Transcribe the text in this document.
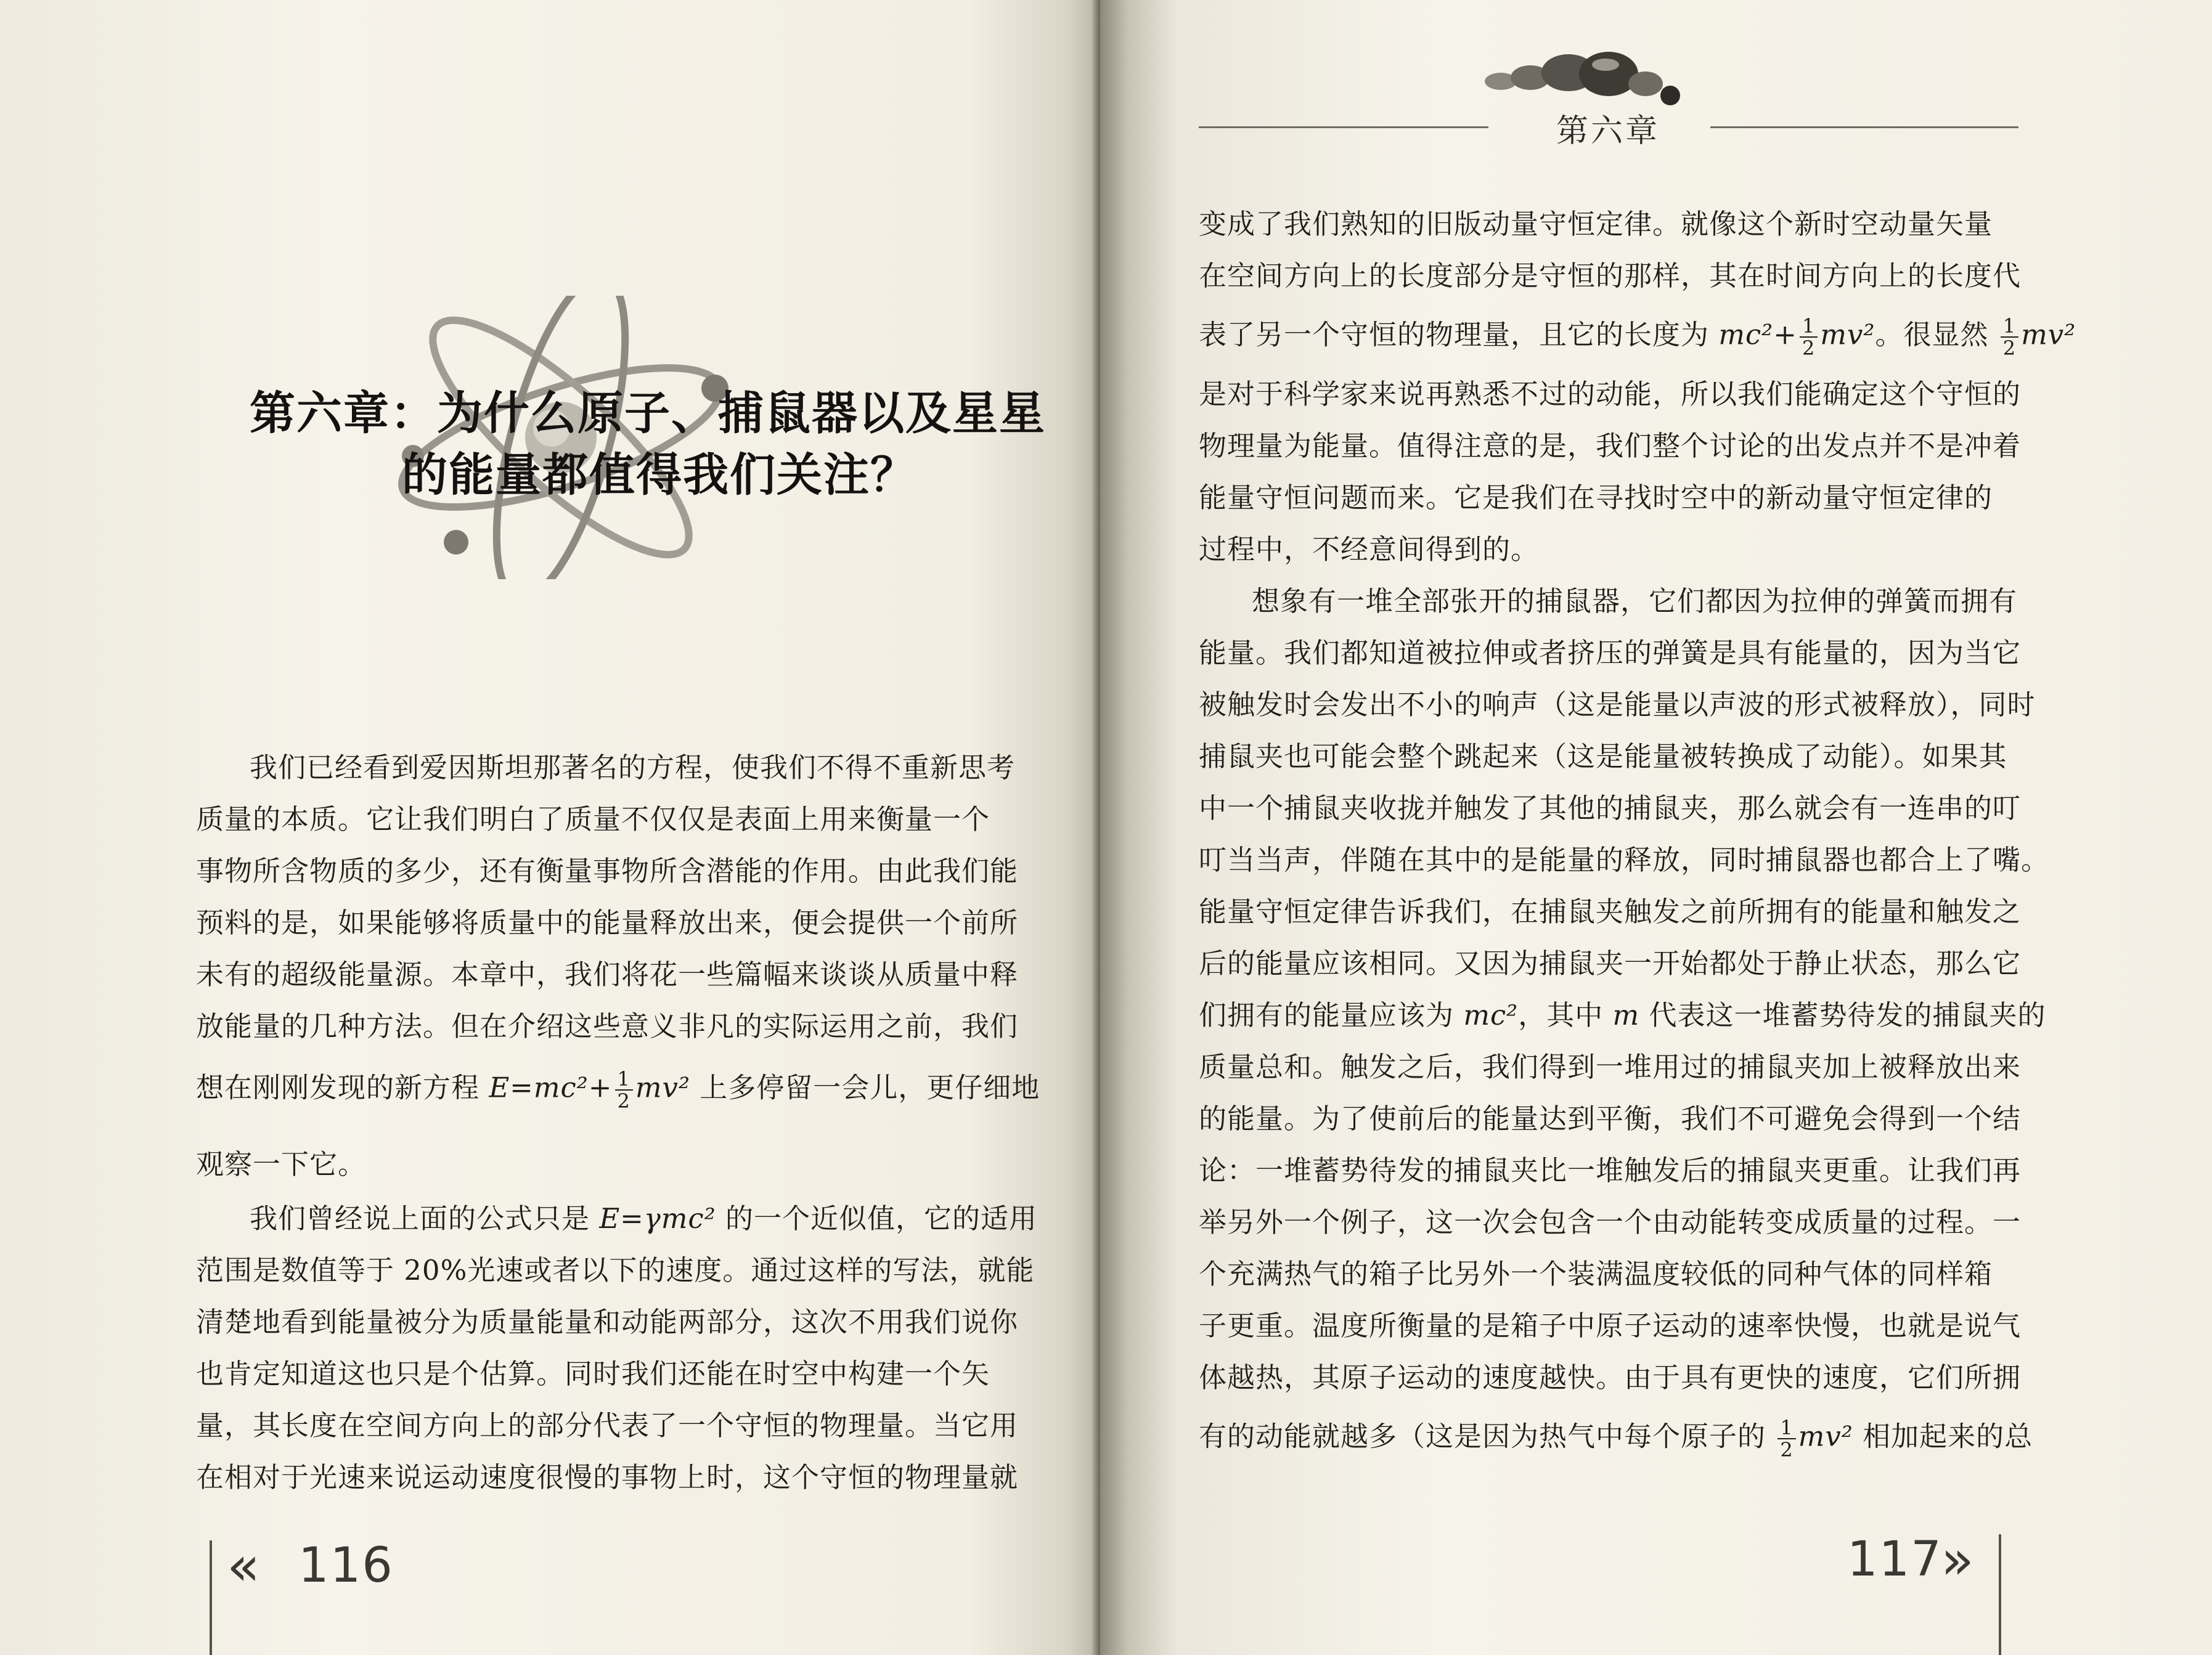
第六章：为什么原子、捕鼠器以及星星
的能量都值得我们关注？
我们已经看到爱因斯坦那著名的方程，使我们不得不重新思考
质量的本质。它让我们明白了质量不仅仅是表面上用来衡量一个
事物所含物质的多少，还有衡量事物所含潜能的作用。由此我们能
预料的是，如果能够将质量中的能量释放出来，便会提供一个前所
未有的超级能量源。本章中，我们将花一些篇幅来谈谈从质量中释
放能量的几种方法。但在介绍这些意义非凡的实际运用之前，我们
想在刚刚发现的新方程 $E=mc^2+ \frac{1}{2} mv^2$ 上多停留一会儿，更仔细地
观察一下它。
我们曾经说上面的公式只是 E=γmc² 的一个近似值，它的适用
范围是数值等于 20%光速或者以下的速度。通过这样的写法，就能
清楚地看到能量被分为质量能量和动能两部分，这次不用我们说你
也肯定知道这也只是个估算。同时我们还能在时空中构建一个矢
量，其长度在空间方向上的部分代表了一个守恒的物理量。当它用
在相对于光速来说运动速度很慢的事物上时，这个守恒的物理量就
« 116
第六章
变成了我们熟知的旧版动量守恒定律。就像这个新时空动量矢量
在空间方向上的长度部分是守恒的那样，其在时间方向上的长度代
表了另一个守恒的物理量，且它的长度为 $mc^2+ \frac{1}{2} mv^2$。很显然 $\frac{1}{2} mv^2$
是对于科学家来说再熟悉不过的动能，所以我们能确定这个守恒的
物理量为能量。值得注意的是，我们整个讨论的出发点并不是冲着
能量守恒问题而来。它是我们在寻找时空中的新动量守恒定律的
过程中，不经意间得到的。
想象有一堆全部张开的捕鼠器，它们都因为拉伸的弹簧而拥有
能量。我们都知道被拉伸或者挤压的弹簧是具有能量的，因为当它
被触发时会发出不小的响声（这是能量以声波的形式被释放），同时
捕鼠夹也可能会整个跳起来（这是能量被转换成了动能）。如果其
中一个捕鼠夹收拢并触发了其他的捕鼠夹，那么就会有一连串的叮
叮当当声，伴随在其中的是能量的释放，同时捕鼠器也都合上了嘴。
能量守恒定律告诉我们，在捕鼠夹触发之前所拥有的能量和触发之
后的能量应该相同。又因为捕鼠夹一开始都处于静止状态，那么它
们拥有的能量应该为 mc²，其中 m 代表这一堆蓄势待发的捕鼠夹的
质量总和。触发之后，我们得到一堆用过的捕鼠夹加上被释放出来
的能量。为了使前后的能量达到平衡，我们不可避免会得到一个结
论：一堆蓄势待发的捕鼠夹比一堆触发后的捕鼠夹更重。让我们再
举另外一个例子，这一次会包含一个由动能转变成质量的过程。一
个充满热气的箱子比另外一个装满温度较低的同种气体的同样箱
子更重。温度所衡量的是箱子中原子运动的速率快慢，也就是说气
体越热，其原子运动的速度越快。由于具有更快的速度，它们所拥
有的动能就越多（这是因为热气中每个原子的 $\frac{1}{2} mv^2$ 相加起来的总
117
»
